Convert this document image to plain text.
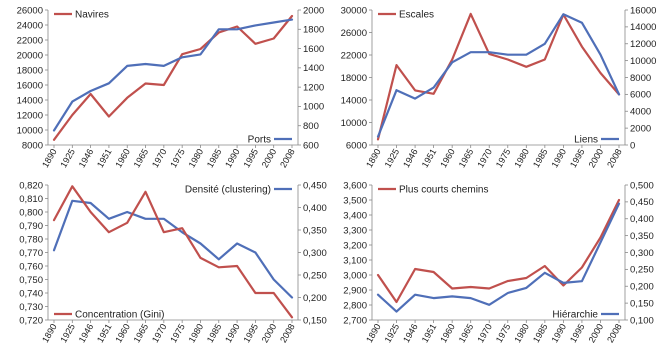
8000
10000
12000
14000
16000
18000
20000
22000
24000
26000
600
800
1000
1200
1400
1600
1800
2000
1890 1925 1946 1951 1960 1965 1970 1975 1980 1985 1990 1995 2000 2008
Navires
Ports
6000
10000
14000
18000
22000
26000
30000
0
2000
4000
6000
8000
10000
12000
14000
16000
1890 1925 1946 1951 1960 1965 1970 1975 1980 1985 1990 1995 2000 2008
Escales
Liens
0,720
0,730
0,740
0,750
0,760
0,770
0,780
0,790
0,800
0,810
0,820
0,150
0,200
0,250
0,300
0,350
0,400
0,450
1890 1925 1946 1951 1960 1965 1970 1975 1980 1985 1990 1995 2000 2008
Densité (clustering)
Concentration (Gini)
2,700
2,800
2,900
3,000
3,100
3,200
3,300
3,400
3,500
3,600
0,100
0,150
0,200
0,250
0,300
0,350
0,400
0,450
0,500
1890 1925 1946 1951 1960 1965 1970 1975 1980 1985 1990 1995 2000 2008
Plus courts chemins
Hiérarchie
